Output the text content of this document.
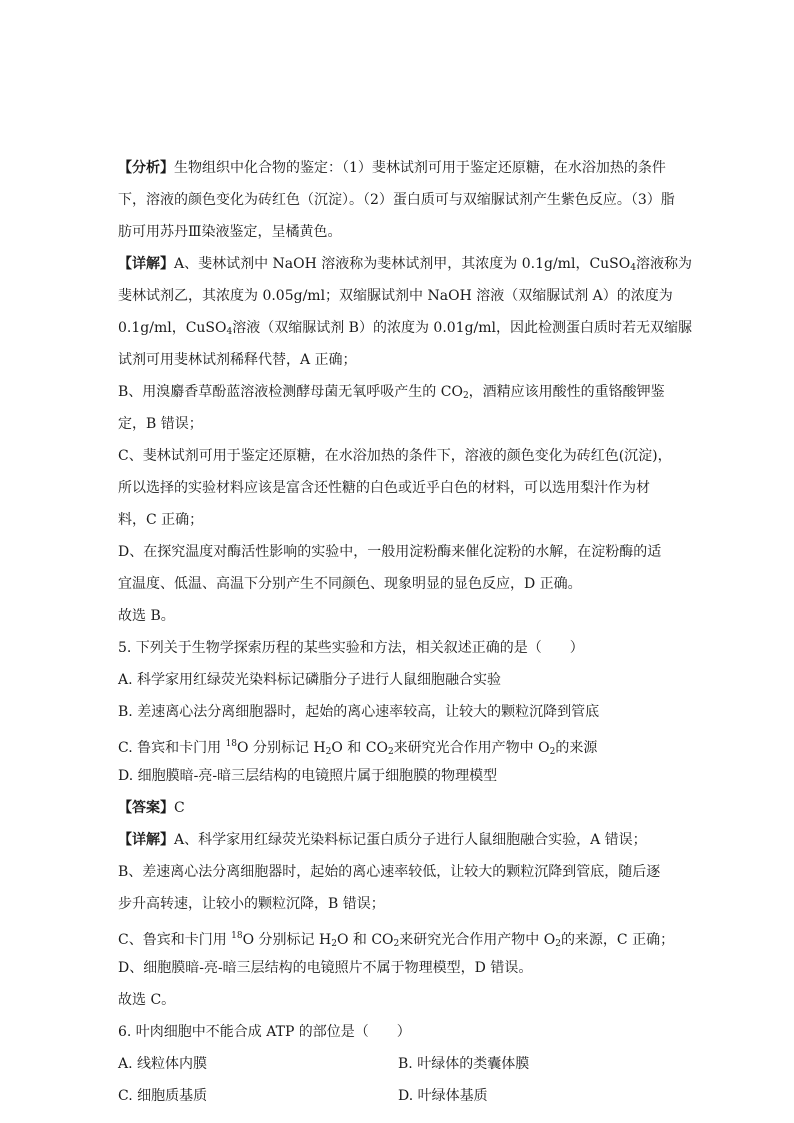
【分析】生物组织中化合物的鉴定：（1）斐林试剂可用于鉴定还原糖，在水浴加热的条件
下，溶液的颜色变化为砖红色（沉淀）。（2）蛋白质可与双缩脲试剂产生紫色反应。（3）脂
肪可用苏丹Ⅲ染液鉴定，呈橘黄色。
【详解】A、斐林试剂中 NaOH 溶液称为斐林试剂甲，其浓度为 0.1g/ml，CuSO$_4$溶液称为
斐林试剂乙，其浓度为 0.05g/ml；双缩脲试剂中 NaOH 溶液（双缩脲试剂 A）的浓度为
0.1g/ml，CuSO$_4$溶液（双缩脲试剂 B）的浓度为 0.01g/ml，因此检测蛋白质时若无双缩脲
试剂可用斐林试剂稀释代替，A 正确；
B、用溴麝香草酚蓝溶液检测酵母菌无氧呼吸产生的 $CO_2$，酒精应该用酸性的重铬酸钾鉴
定，B 错误；
C、斐林试剂可用于鉴定还原糖，在水浴加热的条件下，溶液的颜色变化为砖红色(沉淀)，
所以选择的实验材料应该是富含还性糖的白色或近乎白色的材料，可以选用梨汁作为材
料，C 正确；
D、在探究温度对酶活性影响的实验中，一般用淀粉酶来催化淀粉的水解，在淀粉酶的适
宜温度、低温、高温下分别产生不同颜色、现象明显的显色反应，D 正确。
故选 B。
5. 下列关于生物学探索历程的某些实验和方法，相关叙述正确的是（　　）
A. 科学家用红绿荧光染料标记磷脂分子进行人鼠细胞融合实验
B. 差速离心法分离细胞器时，起始的离心速率较高，让较大的颗粒沉降到管底
C. 鲁宾和卡门用 $^{18}$O 分别标记 $H_2O$ 和 $CO_2$来研究光合作用产物中 $O_2$的来源
D. 细胞膜暗-亮-暗三层结构的电镜照片属于细胞膜的物理模型
【答案】C
【详解】A、科学家用红绿荧光染料标记蛋白质分子进行人鼠细胞融合实验，A 错误；
B、差速离心法分离细胞器时，起始的离心速率较低，让较大的颗粒沉降到管底，随后逐
步升高转速，让较小的颗粒沉降，B 错误；
C、鲁宾和卡门用 $^{18}$O 分别标记 $H_2O$ 和 $CO_2$来研究光合作用产物中 $O_2$的来源，C 正确；
D、细胞膜暗-亮-暗三层结构的电镜照片不属于物理模型，D 错误。
故选 C。
6. 叶肉细胞中不能合成 ATP 的部位是（　　）
A. 线粒体内膜	B. 叶绿体的类囊体膜
C. 细胞质基质	D. 叶绿体基质
